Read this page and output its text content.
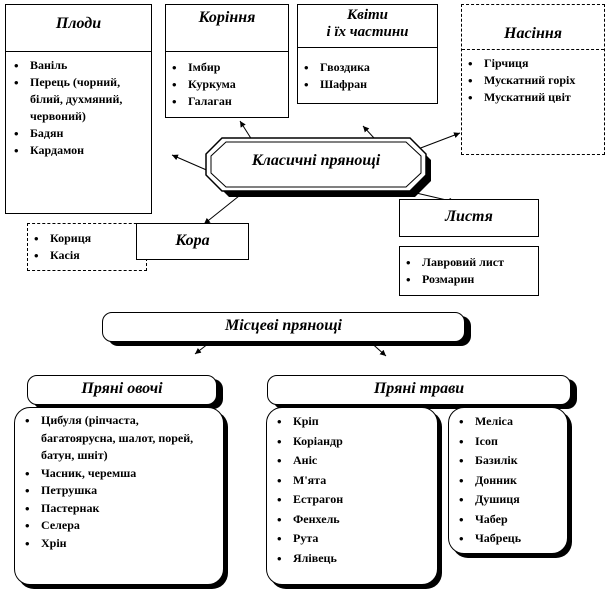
Плоди
• Ваніль
• Перець (чорний, білий, духмяний, червоний)
• Бадян
• Кардамон
Коріння
• Імбир
• Куркума
• Галаган
Квіти
і їх частини
• Гвоздика
• Шафран
Насіння
• Гірчиця
• Мускатний горіх
• Мускатний цвіт
Класичні прянощі
Листя
• Лавровий лист
• Розмарин
• Кориця
• Касія
Кора
Місцеві прянощі
Пряні овочі
• Цибуля (ріпчаста, багатоярусна, шалот, порей, батун, шніт)
• Часник, черемша
• Петрушка
• Пастернак
• Селера
• Хрін
Пряні трави
• Кріп
• Коріандр
• Аніс
• М'ята
• Естрагон
• Фенхель
• Рута
• Ялівець
• Меліса
• Ісоп
• Базилік
• Донник
• Душиця
• Чабер
• Чабрець
